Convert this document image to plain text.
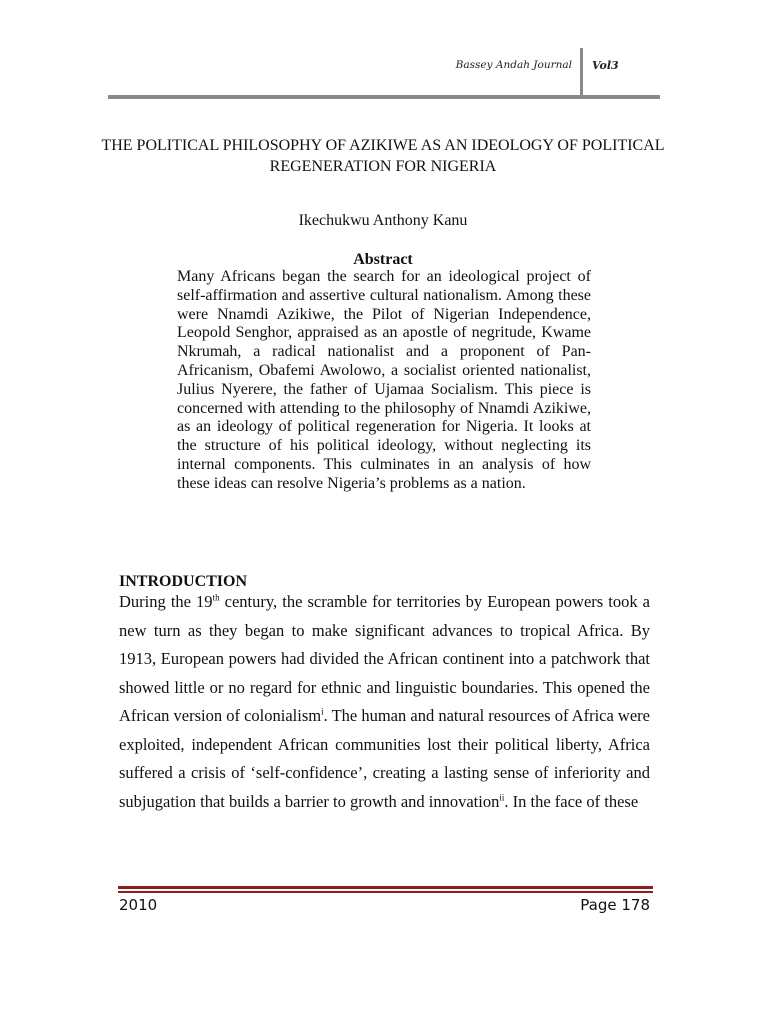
Bassey Andah Journal Vol3
THE POLITICAL PHILOSOPHY OF AZIKIWE AS AN IDEOLOGY OF POLITICAL REGENERATION FOR NIGERIA
Ikechukwu Anthony Kanu
Abstract

Many Africans began the search for an ideological project of self-affirmation and assertive cultural nationalism. Among these were Nnamdi Azikiwe, the Pilot of Nigerian Independence, Leopold Senghor, appraised as an apostle of negritude, Kwame Nkrumah, a radical nationalist and a proponent of Pan-Africanism, Obafemi Awolowo, a socialist oriented nationalist, Julius Nyerere, the father of Ujamaa Socialism. This piece is concerned with attending to the philosophy of Nnamdi Azikiwe, as an ideology of political regeneration for Nigeria. It looks at the structure of his political ideology, without neglecting its internal components. This culminates in an analysis of how these ideas can resolve Nigeria’s problems as a nation.

INTRODUCTION

During the 19th century, the scramble for territories by European powers took a new turn as they began to make significant advances to tropical Africa. By 1913, European powers had divided the African continent into a patchwork that showed little or no regard for ethnic and linguistic boundaries. This opened the African version of colonialism$^i$. The human and natural resources of Africa were exploited, independent African communities lost their political liberty, Africa suffered a crisis of ‘self-confidence’, creating a lasting sense of inferiority and subjugation that builds a barrier to growth and innovation$^{ii}$. In the face of these

2010	Page 178
